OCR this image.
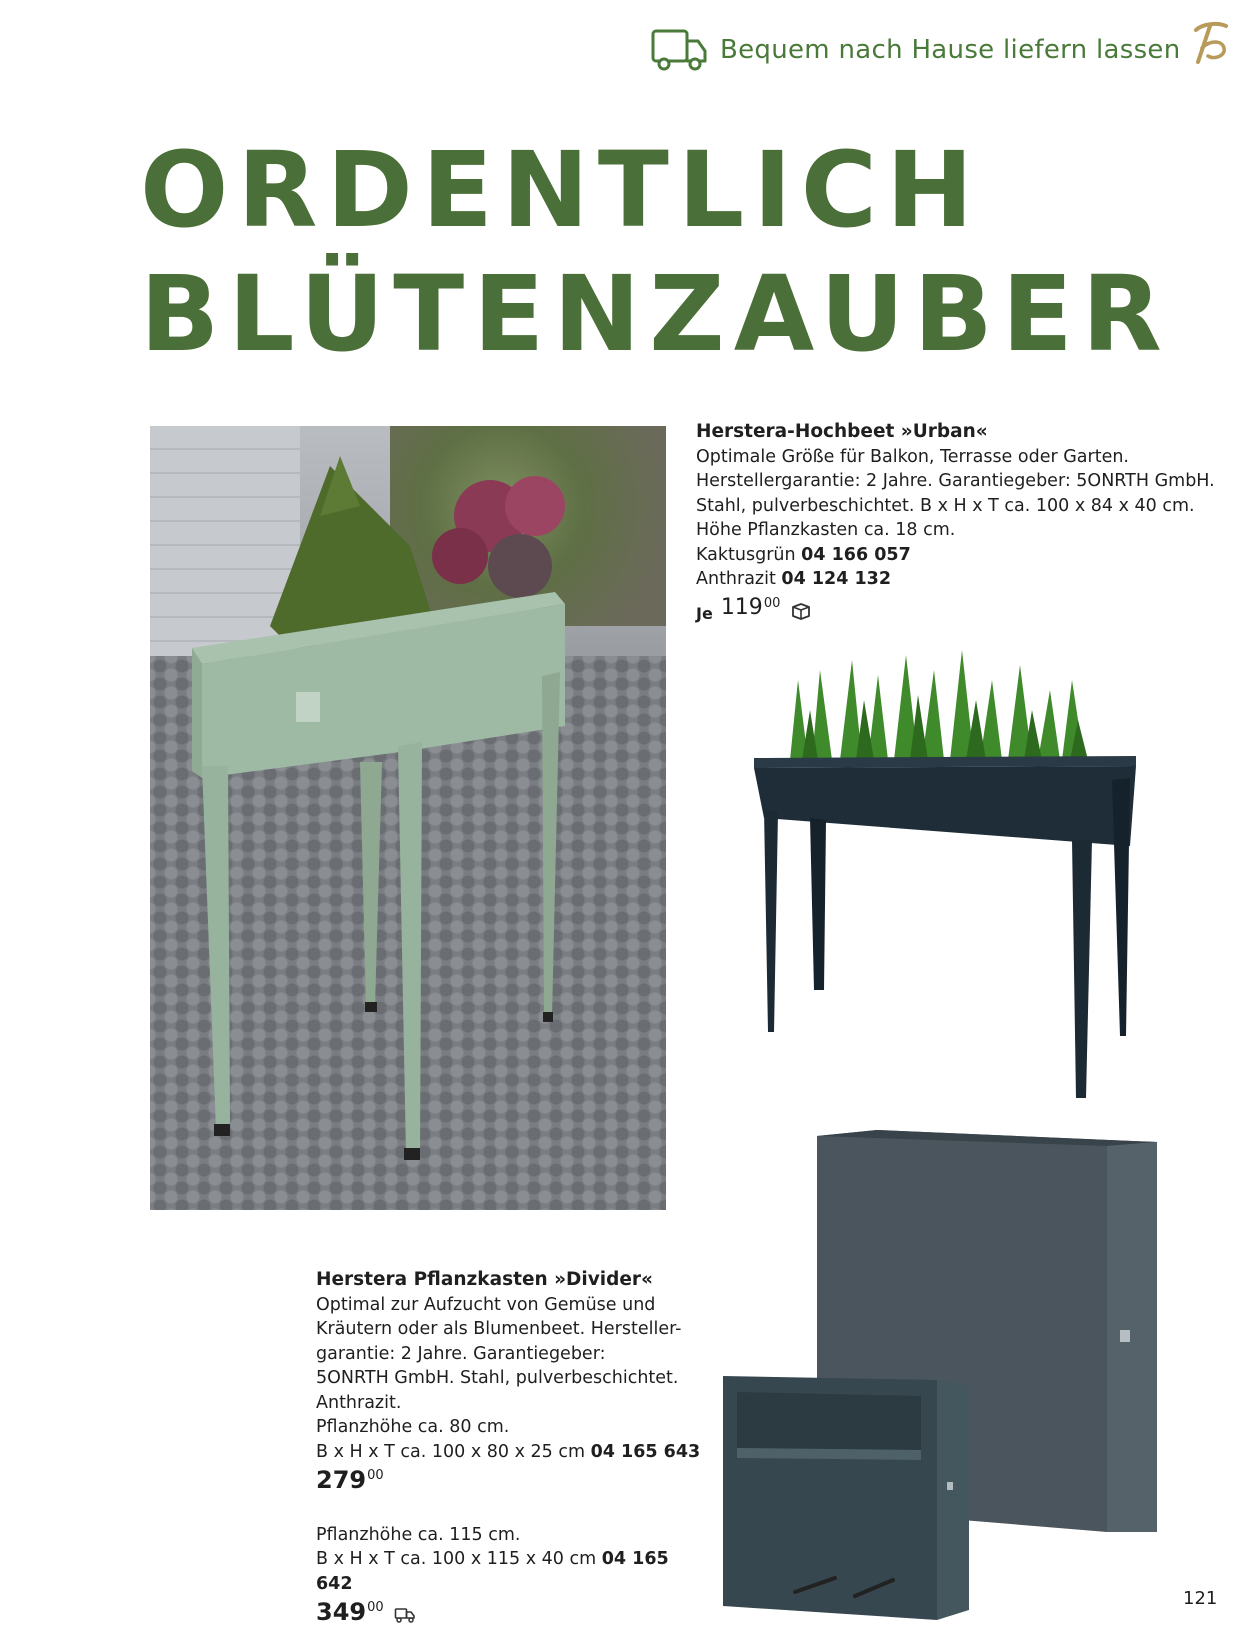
Bequem nach Hause liefern lassen
ORDENTLICH
BLÜTENZAUBER
Herstera-Hochbeet »Urban«
Optimale Größe für Balkon, Terrasse oder Garten.
Herstellergarantie: 2 Jahre. Garantiegeber: 5ONRTH GmbH.
Stahl, pulverbeschichtet. B x H x T ca. 100 x 84 x 40 cm.
Höhe Pflanzkasten ca. 18 cm.
Kaktusgrün 04 166 057
Anthrazit 04 124 132
Je 119 00
Herstera Pflanzkasten »Divider«
Optimal zur Aufzucht von Gemüse und
Kräutern oder als Blumenbeet. Hersteller-
garantie: 2 Jahre. Garantiegeber:
5ONRTH GmbH. Stahl, pulverbeschichtet.
Anthrazit.
Pflanzhöhe ca. 80 cm.
B x H x T ca. 100 x 80 x 25 cm 04 165 643
279 00
Pflanzhöhe ca. 115 cm.
B x H x T ca. 100 x 115 x 40 cm 04 165 642
349 00	121
